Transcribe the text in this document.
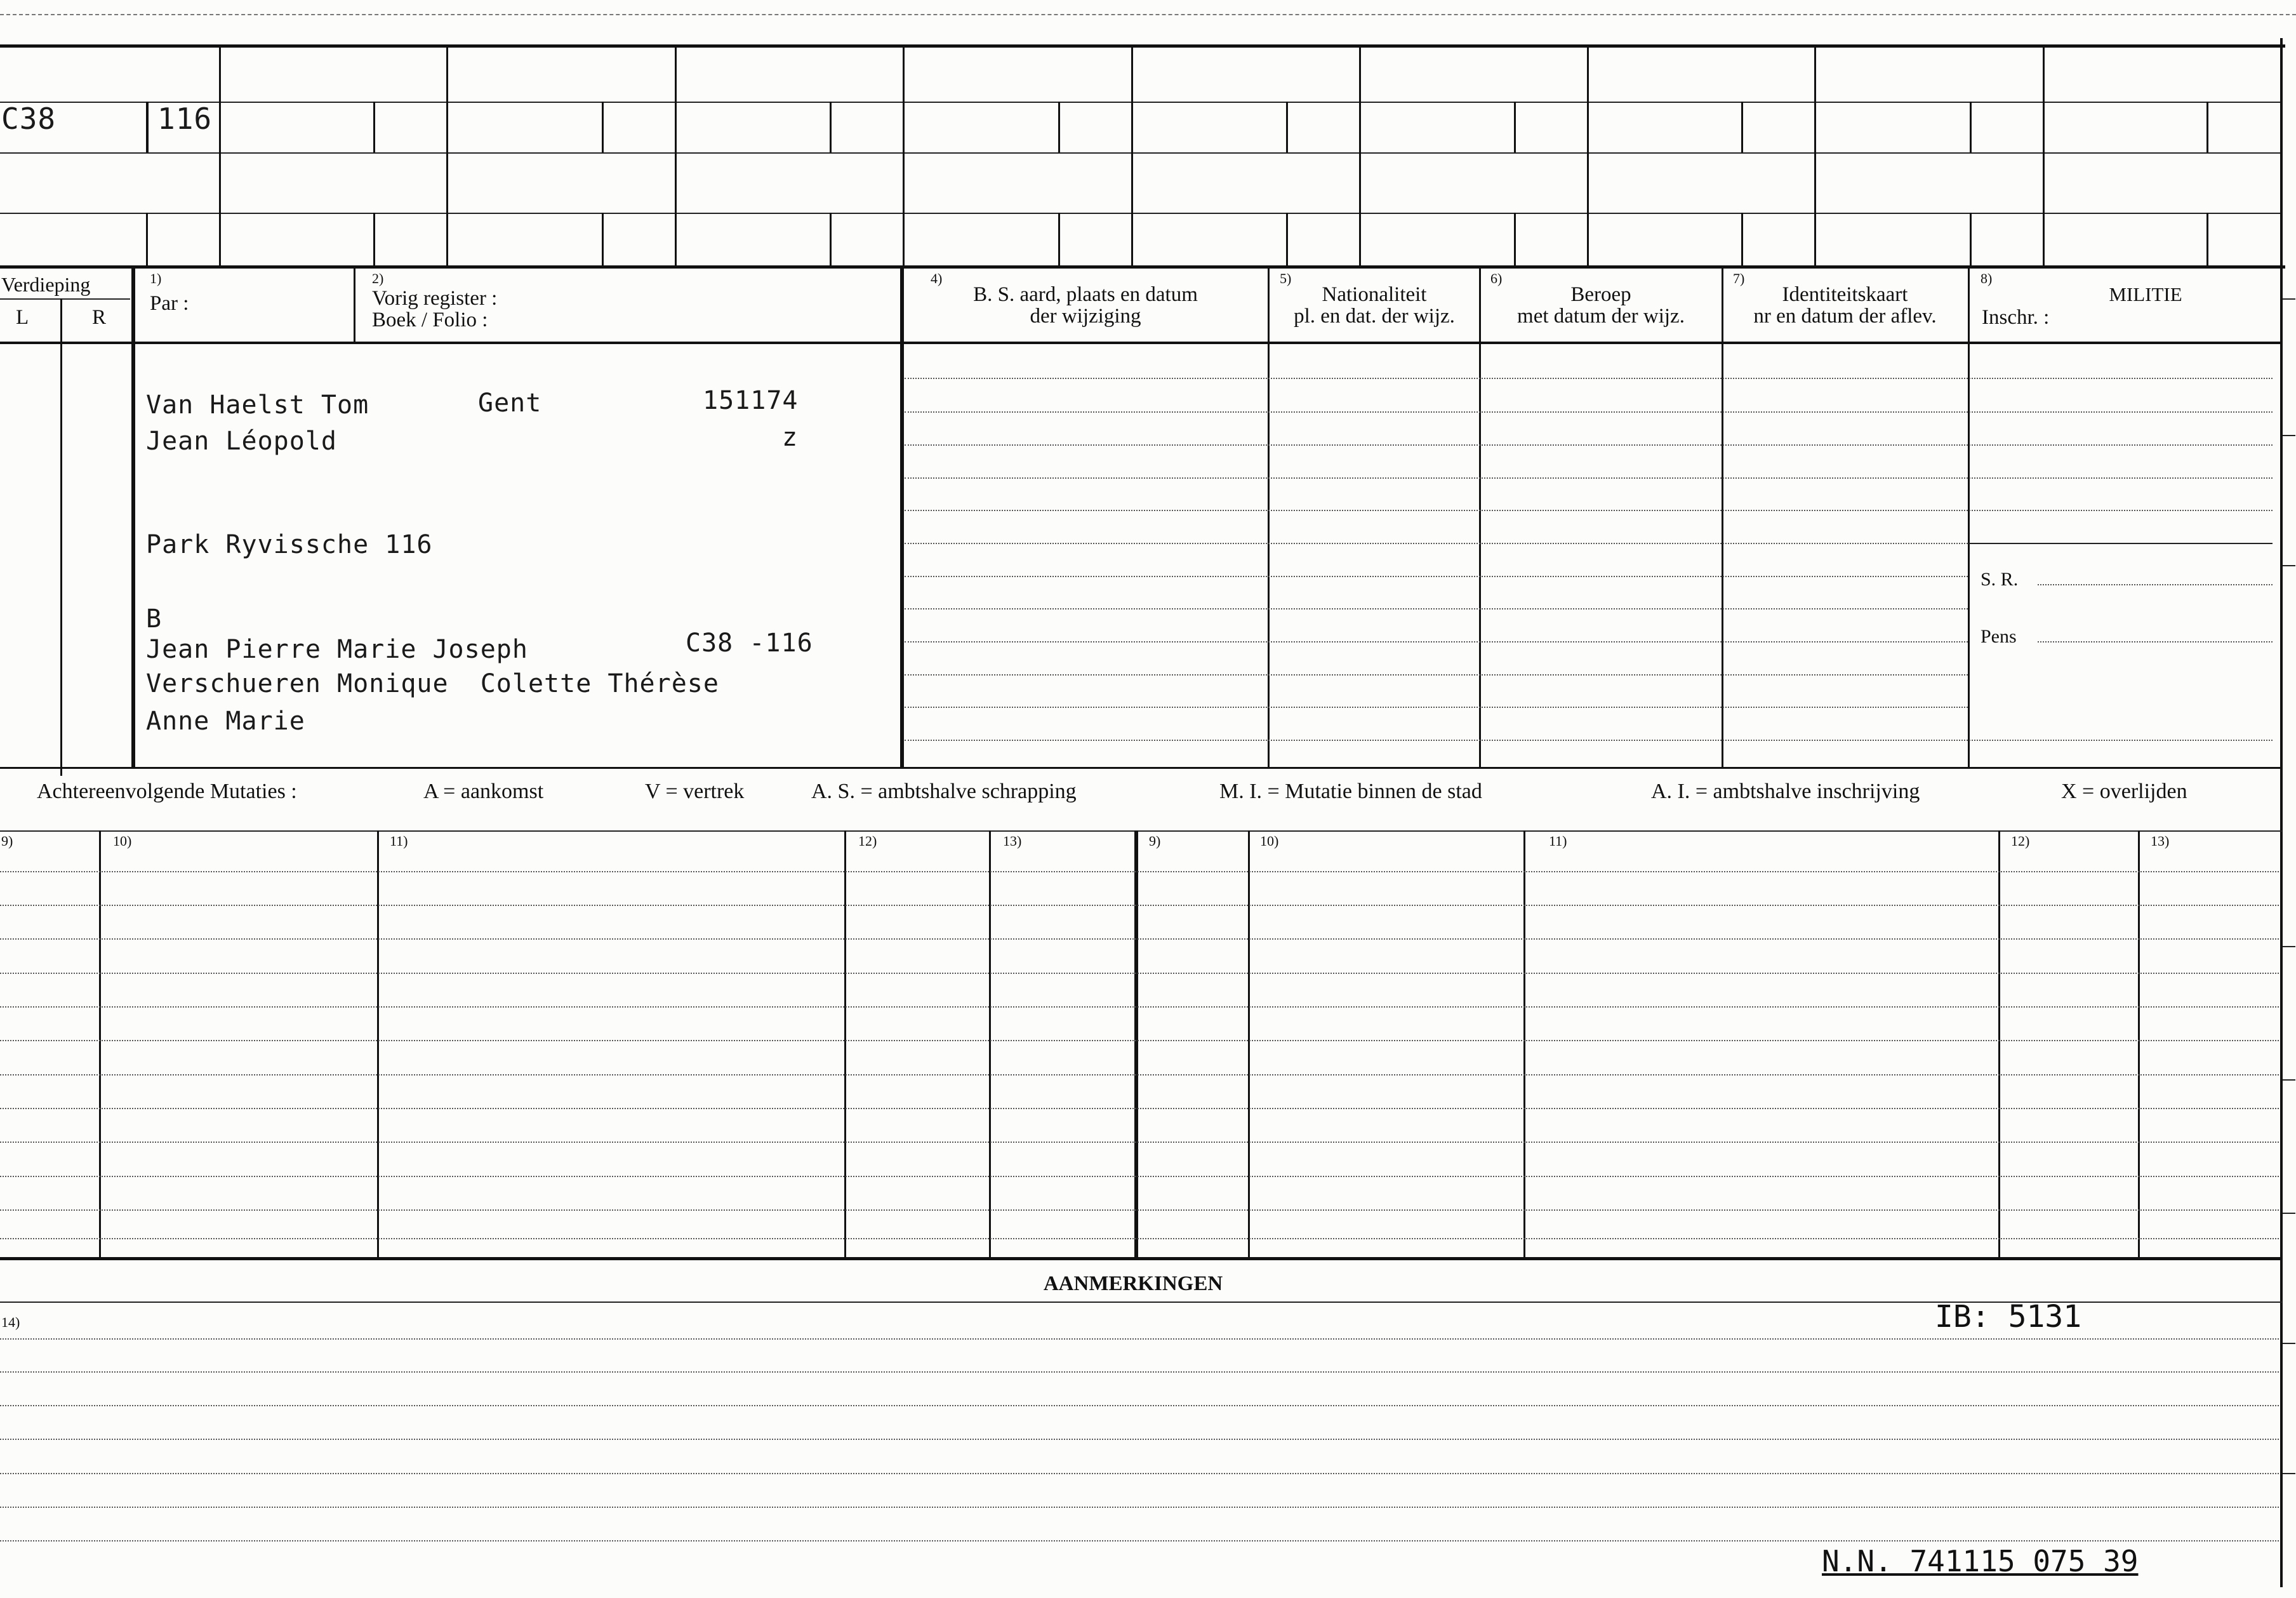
C38	116
Verdieping
L	R
1)
Par :
2)
Vorig register :
Boek / Folio :
4)
B. S. aard, plaats en datum
der wijziging
5)
Nationaliteit
pl. en dat. der wijz.
6)
Beroep
met datum der wijz.
7)
Identiteitskaart
nr en datum der aflev.
8)
MILITIE
Inschr. :
S. R.
Pens
Van Haelst Tom	Gent	151174
Jean Léopold	z
Park Ryvissche 116
B
Jean Pierre Marie Joseph	C38 -116
Verschueren Monique  Colette Thérèse
Anne Marie
Achtereenvolgende Mutaties :	A = aankomst	V = vertrek	A. S. = ambtshalve schrapping	M. I. = Mutatie binnen de stad	A. I. = ambtshalve inschrijving	X = overlijden
9)	10)	11)	12)	13)	9)	10)	11)	12)	13)
AANMERKINGEN
14)	IB: 5131
N.N. 741115 075 39
